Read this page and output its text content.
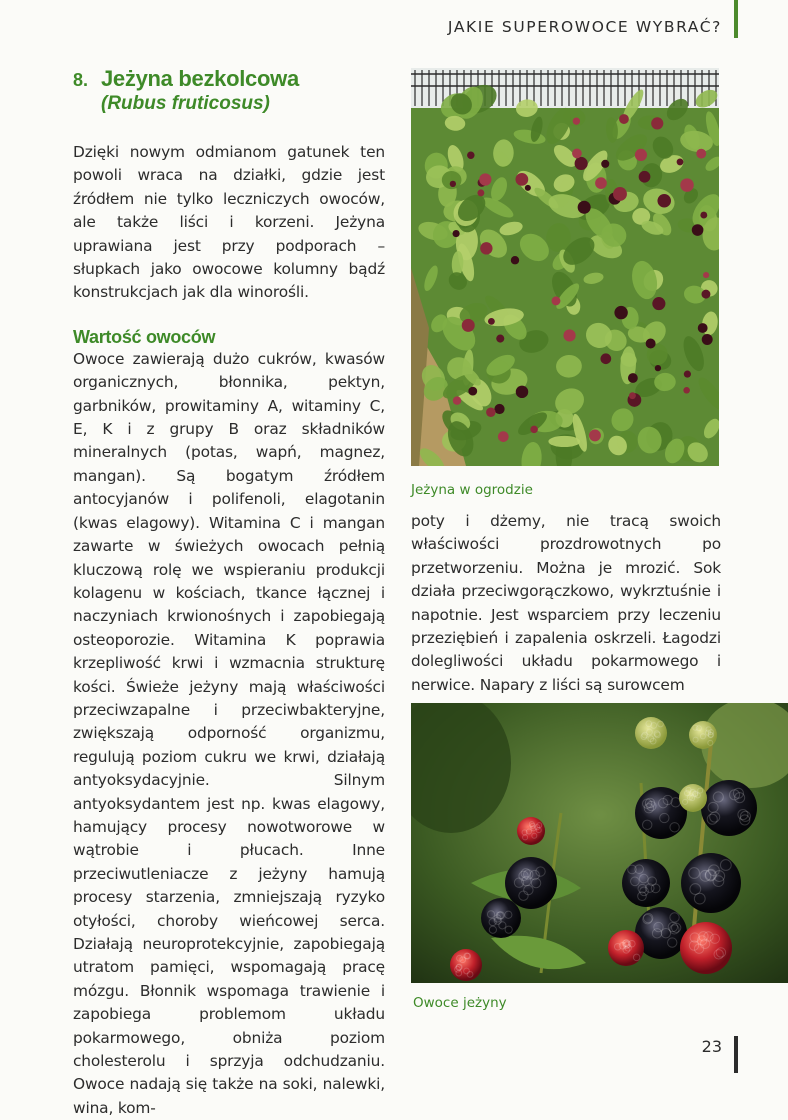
JAKIE SUPEROWOCE WYBRAĆ?
8. Jeżyna bezkolcowa
(Rubus fruticosus)
Dzięki nowym odmianom gatunek ten powoli wraca na działki, gdzie jest źródłem nie tylko leczniczych owoców, ale także liści i korzeni. Jeżyna uprawiana jest przy podporach – słupkach jako owocowe kolumny bądź konstrukcjach jak dla winorośli.
Wartość owoców
Owoce zawierają dużo cukrów, kwasów organicznych, błonnika, pektyn, garbników, prowitaminy A, witaminy C, E, K i z grupy B oraz składników mineralnych (potas, wapń, magnez, mangan). Są bogatym źródłem antocyjanów i polifenoli, elagotanin (kwas elagowy). Witamina C i mangan zawarte w świeżych owocach pełnią kluczową rolę we wspieraniu produkcji kolagenu w kościach, tkance łącznej i naczyniach krwionośnych i zapobiegają osteoporozie. Witamina K poprawia krzepliwość krwi i wzmacnia strukturę kości. Świeże jeżyny mają właściwości przeciwzapalne i przeciwbakteryjne, zwiększają odporność organizmu, regulują poziom cukru we krwi, działają antyoksydacyjnie. Silnym antyoksydantem jest np. kwas elagowy, hamujący procesy nowotworowe w wątrobie i płucach. Inne przeciwutleniacze z jeżyny hamują procesy starzenia, zmniejszają ryzyko otyłości, choroby wieńcowej serca. Działają neuroprotekcyjnie, zapobiegają utratom pamięci, wspomagają pracę mózgu. Błonnik wspomaga trawienie i zapobiega problemom układu pokarmowego, obniża poziom cholesterolu i sprzyja odchudzaniu. Owoce nadają się także na soki, nalewki, wina, kom-
Jeżyna w ogrodzie
poty i dżemy, nie tracą swoich właściwości prozdrowotnych po przetworzeniu. Można je mrozić. Sok działa przeciwgorączkowo, wykrztuśnie i napotnie. Jest wsparciem przy leczeniu przeziębień i zapalenia oskrzeli. Łagodzi dolegliwości układu pokarmowego i nerwice. Napary z liści są surowcem
Owoce jeżyny
23
